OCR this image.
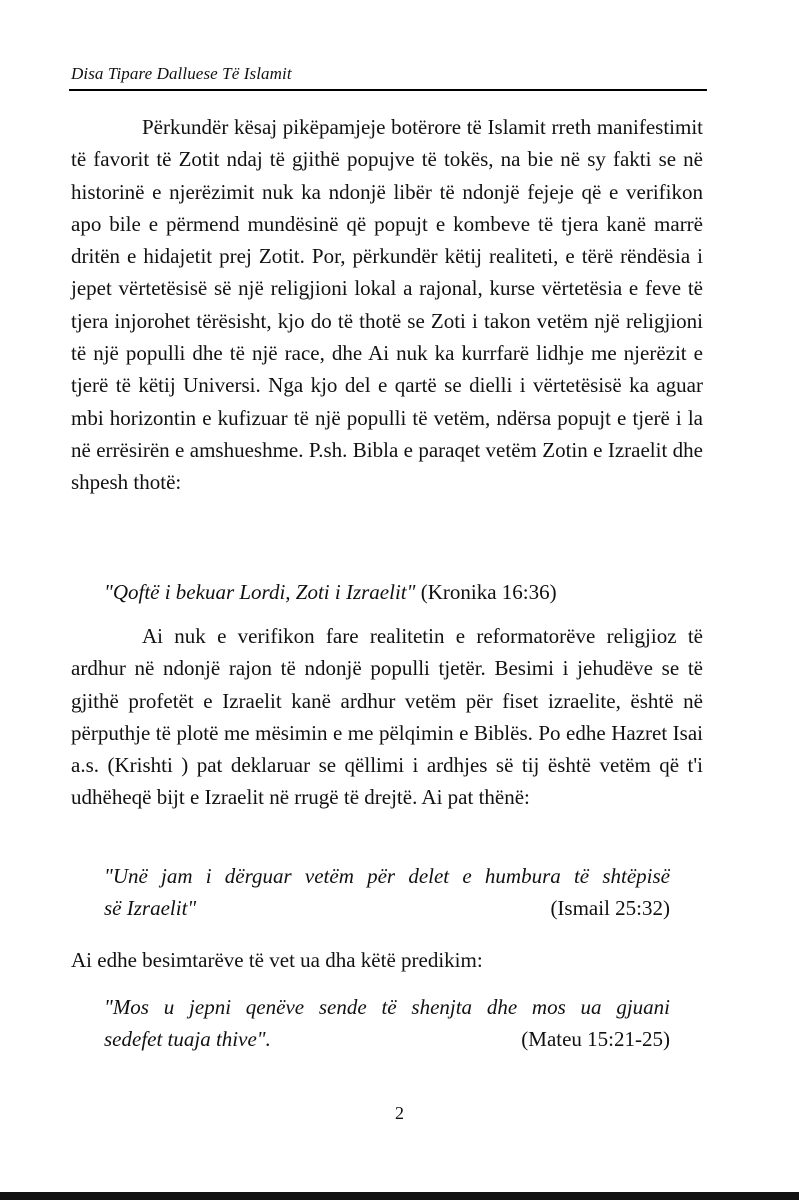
Disa Tipare Dalluese Të Islamit

Përkundër kësaj pikëpamjeje botërore të Islamit rreth manifestimit të favorit të Zotit ndaj të gjithë popujve të tokës, na bie në sy fakti se në historinë e njerëzimit nuk ka ndonjë libër të ndonjë fejeje që e verifikon apo bile e përmend mundësinë që popujt e kombeve të tjera kanë marrë dritën e hidajetit prej Zotit. Por, përkundër këtij realiteti, e tërë rëndësia i jepet vërtetësisë së një religjioni lokal a rajonal, kurse vërtetësia e feve të tjera injorohet tërësisht, kjo do të thotë se Zoti i takon vetëm një religjioni të një populli dhe të një race, dhe Ai nuk ka kurrfarë lidhje me njerëzit e tjerë të këtij Universi. Nga kjo del e qartë se dielli i vërtetësisë ka aguar mbi horizontin e kufizuar të një populli të vetëm, ndërsa popujt e tjerë i la në errësirën e amshueshme. P.sh. Bibla e paraqet vetëm Zotin e Izraelit dhe shpesh thotë:

"Qoftë i bekuar Lordi, Zoti i Izraelit" (Kronika 16:36)

Ai nuk e verifikon fare realitetin e reformatorëve religjioz të ardhur në ndonjë rajon të ndonjë populli tjetër. Besimi i jehudëve se të gjithë profetët e Izraelit kanë ardhur vetëm për fiset izraelite, është në përputhje të plotë me mësimin e me pëlqimin e Biblës. Po edhe Hazret Isai a.s. (Krishti ) pat deklaruar se qëllimi i ardhjes së tij është vetëm që t'i udhëheqë bijt e Izraelit në rrugë të drejtë. Ai pat thënë:

"Unë jam i dërguar vetëm për delet e humbura të shtëpisë
së Izraelit"	(Ismail 25:32)
Ai edhe besimtarëve të vet ua dha këtë predikim:
"Mos u jepni qenëve sende të shenjta dhe mos ua gjuani
sedefet tuaja thive".	(Mateu 15:21-25)
2
